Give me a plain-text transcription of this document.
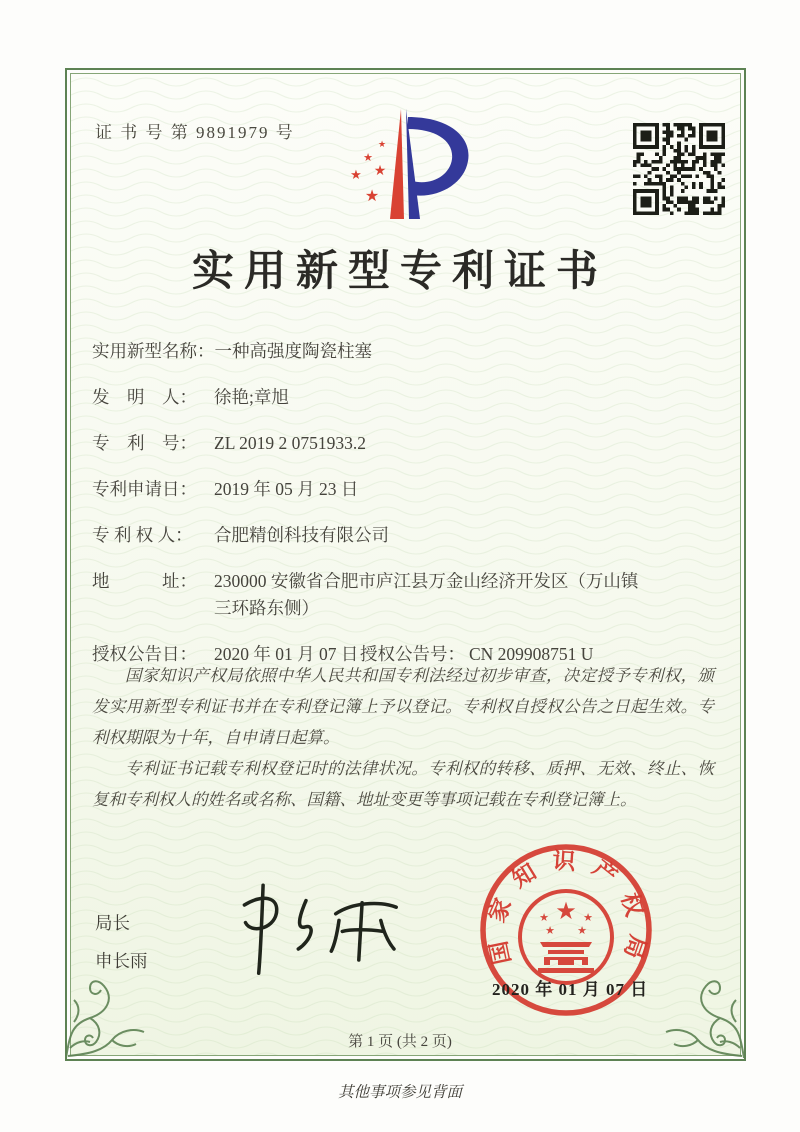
证 书 号 第 9891979 号
★
★
★ ★
★
实用新型专利证书
实用新型名称： 一种高强度陶瓷柱塞
发　明　人： 徐艳;章旭
专　利　号： ZL 2019 2 0751933.2
专利申请日： 2019 年 05 月 23 日
专 利 权 人：	合肥精创科技有限公司
地　　　址： 230000 安徽省合肥市庐江县万金山经济开发区（万山镇
三环路东侧）
授权公告日： 2020 年 01 月 07 日 授权公告号： CN 209908751 U

国家知识产权局依照中华人民共和国专利法经过初步审查，决定授予专利权，颁发实用新型专利证书并在专利登记簿上予以登记。专利权自授权公告之日起生效。专利权期限为十年，自申请日起算。

专利证书记载专利权登记时的法律状况。专利权的转移、质押、无效、终止、恢复和专利权人的姓名或名称、国籍、地址变更等事项记载在专利登记簿上。

局长
申长雨	国家知识产权局
★
★	★
★ ★
2020 年 01 月 07 日
第 1 页 (共 2 页)
其他事项参见背面
